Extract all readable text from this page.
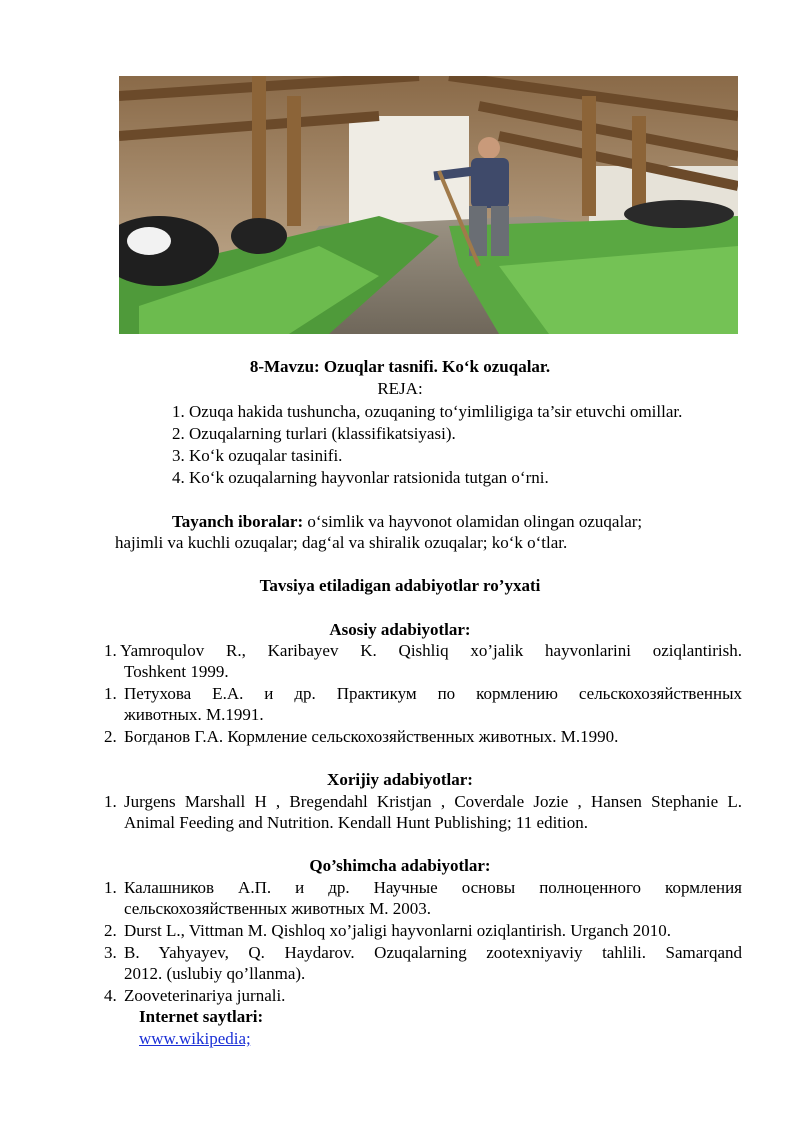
8-Mavzu: Ozuqlar tasnifi. Ko‘k ozuqalar.
REJA:
1. Ozuqa hakida tushuncha, ozuqaning to‘yimliligiga ta’sir etuvchi omillar.
2. Ozuqalarning turlari (klassifikatsiyasi).
3. Ko‘k ozuqalar tasinifi.
4. Ko‘k ozuqalarning hayvonlar ratsionida tutgan o‘rni.
Tayanch iboralar: o‘simlik va hayvonot olamidan olingan ozuqalar;
hajimli va kuchli ozuqalar; dag‘al va shiralik ozuqalar; ko‘k o‘tlar.
Tavsiya etiladigan adabiyotlar ro’yxati
Asosiy adabiyotlar:
1. Yamroqulov R., Karibayev K. Qishliq xo’jalik hayvonlarini oziqlantirish.
Toshkent 1999.
1. Петухова Е.А. и др. Практикум по кормлению сельскохозяйственных
животных. М.1991.
2. Богданов Г.А. Кормление сельскохозяйственных животных. М.1990.
Xorijiy adabiyotlar:
1. Jurgens Marshall H , Bregendahl Kristjan , Coverdale Jozie , Hansen Stephanie L.
Animal Feeding and Nutrition. Kendall Hunt Publishing; 11 edition.
Qo’shimcha adabiyotlar:
1. Калашников А.П. и др. Научные основы полноценного кормления
сельскохозяйственных животных М. 2003.
2. Durst L., Vittman M. Qishloq xo’jaligi hayvonlarni oziqlantirish. Urganch 2010.
3. B. Yahyayev, Q. Haydarov. Ozuqalarning zootexniyaviy tahlili. Samarqand
2012. (uslubiy qo’llanma).
4. Zooveterinariya jurnali.
Internet saytlari:
www.wikipedia;
